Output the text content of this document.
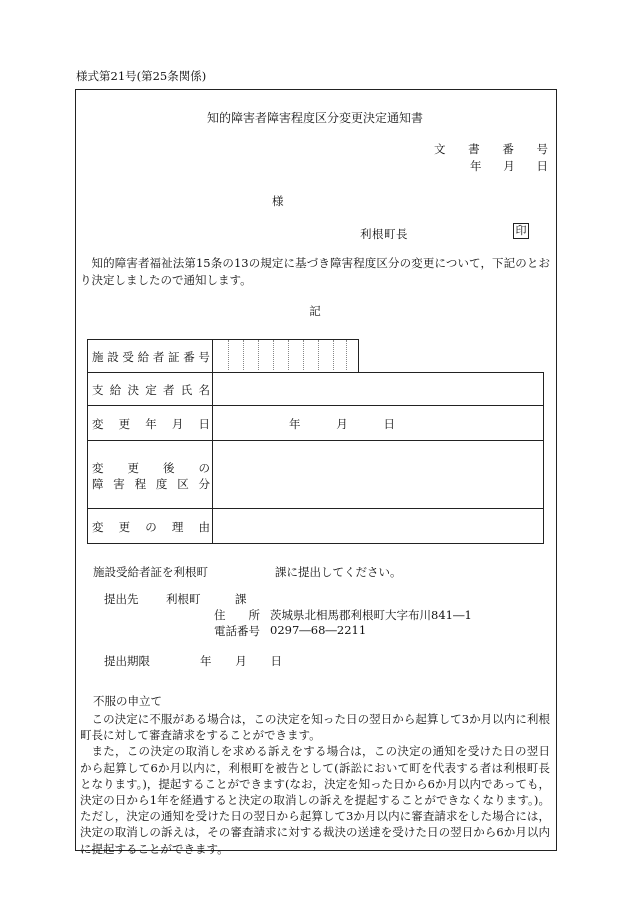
様式第21号(第25条関係)
知的障害者障害程度区分変更決定通知書
文 書 番 号
年 月 日
様
利根町長	印
知的障害者福祉法第15条の13の規定に基づき障害程度区分の変更について，下記のとおり決定しましたので通知します。
記
施 設 受 給 者 証 番 号
支 給 決 定 者 氏 名
変 更 年 月 日	年	月	日
変 更 後 の
障 害 程 度 区 分
変 更 の 理 由
施設受給者証を利根町	課に提出してください。
提出先 利根町	課
住 所 茨城県北相馬郡利根町大字布川841―1
電話番号 0297―68―2211
提出期限	年 月 日
不服の申立て

この決定に不服がある場合は，この決定を知った日の翌日から起算して3か月以内に利根町長に対して審査請求をすることができます。

また，この決定の取消しを求める訴えをする場合は，この決定の通知を受けた日の翌日から起算して6か月以内に，利根町を被告として(訴訟において町を代表する者は利根町長となります。)，提起することができます(なお，決定を知った日から6か月以内であっても，決定の日から1年を経過すると決定の取消しの訴えを提起することができなくなります。)。ただし，決定の通知を受けた日の翌日から起算して3か月以内に審査請求をした場合には，決定の取消しの訴えは，その審査請求に対する裁決の送達を受けた日の翌日から6か月以内に提起することができます。
